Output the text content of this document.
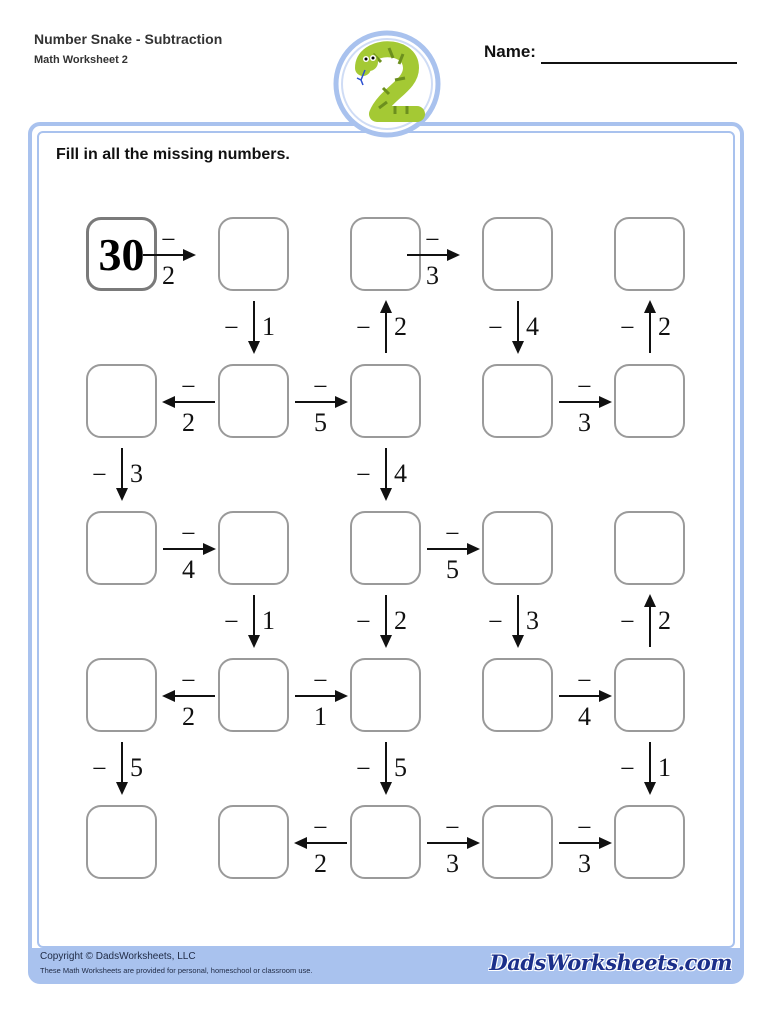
Number Snake - Subtraction
Math Worksheet 2	Name:
Copyright © DadsWorksheets, LLC
These Math Worksheets are provided for personal, homeschool or classroom use.	DadsWorksheets.com
Fill in all the missing numbers.
30 −
2
−
3
− 1	− 2	− 4	− 2
−
2
−
5
−
3
− 3	− 4
−
4
−
5
− 1	− 2	− 3	− 2
−
2
−
1
−
4
− 5	− 5	− 1
−
2
−
3
−
3
